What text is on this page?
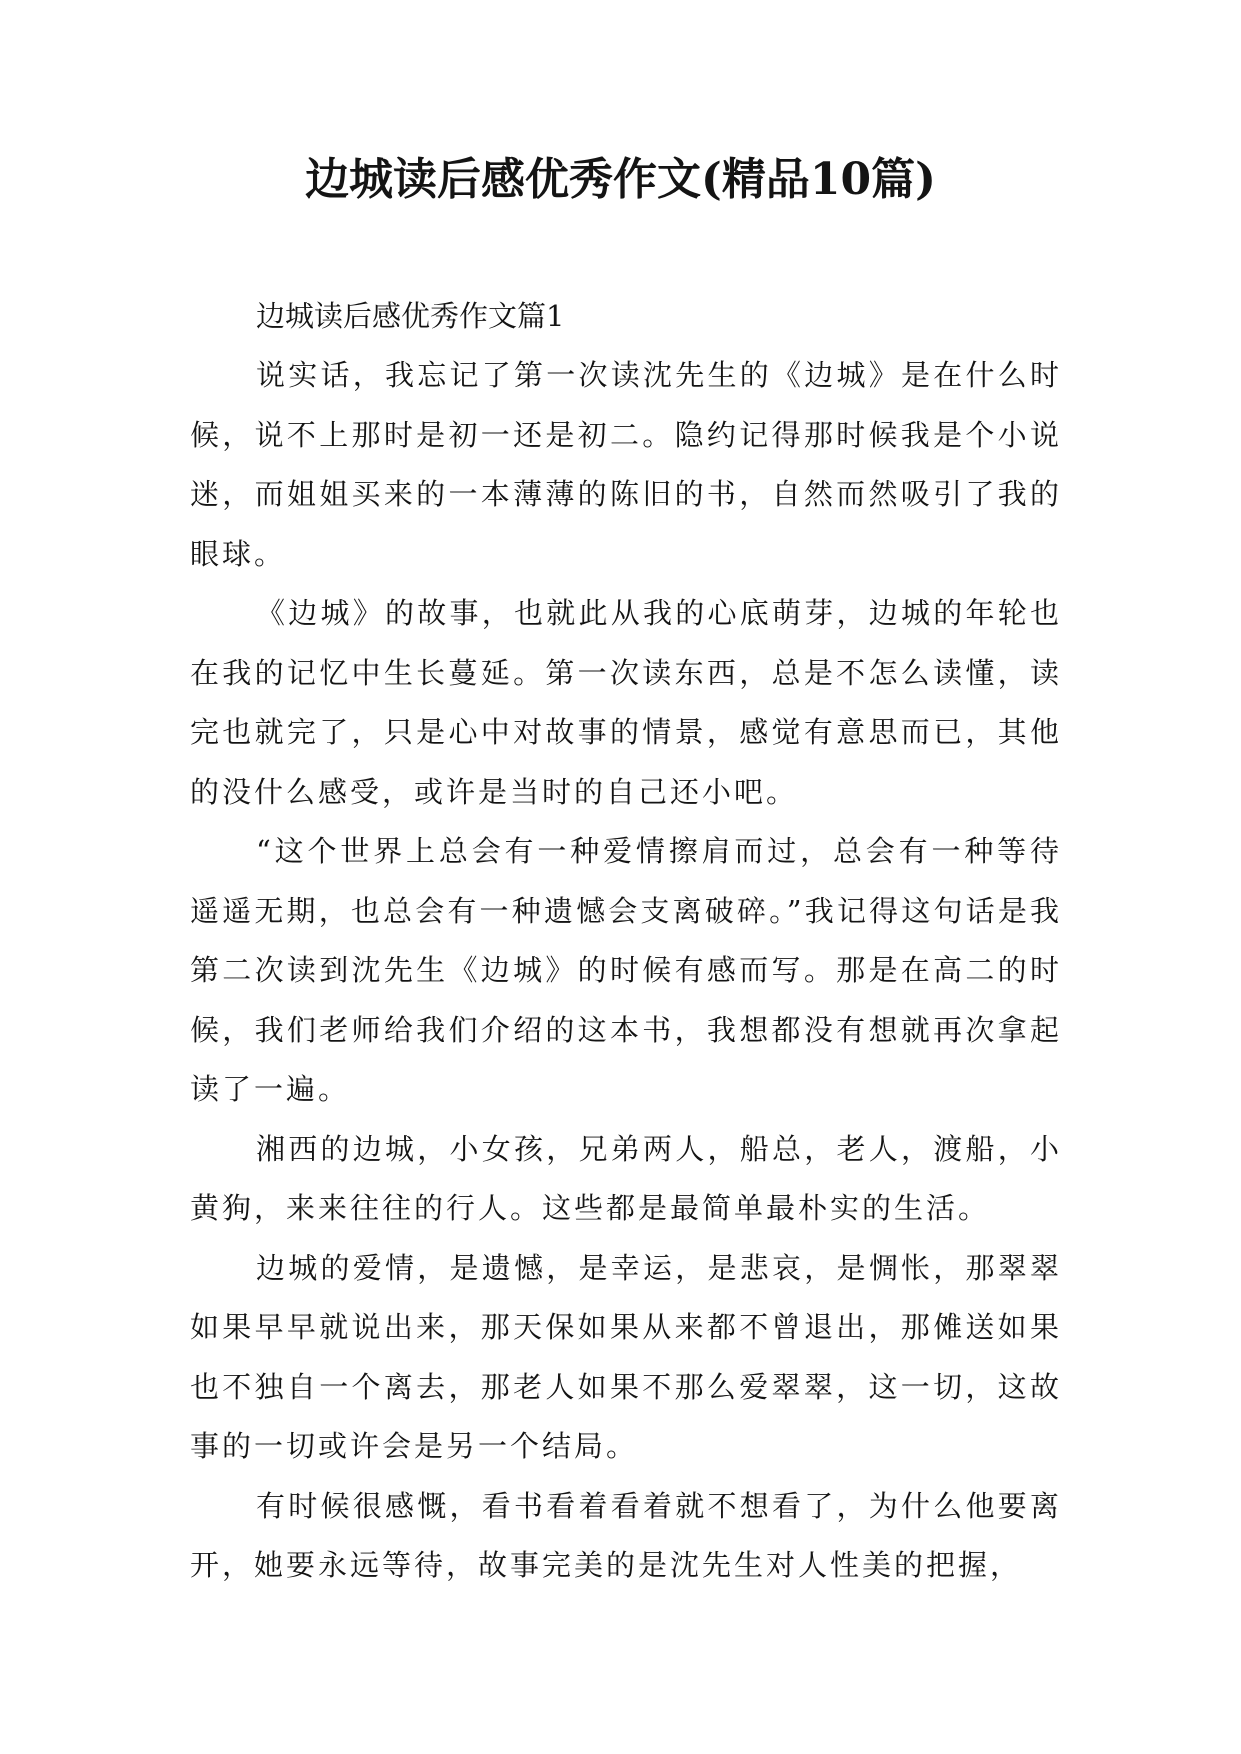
边城读后感优秀作文(精品10篇)
边城读后感优秀作文篇1

说实话，我忘记了第一次读沈先生的《边城》是在什么时候，说不上那时是初一还是初二。隐约记得那时候我是个小说迷，而姐姐买来的一本薄薄的陈旧的书，自然而然吸引了我的眼球。

《边城》的故事，也就此从我的心底萌芽，边城的年轮也在我的记忆中生长蔓延。第一次读东西，总是不怎么读懂，读完也就完了，只是心中对故事的情景，感觉有意思而已，其他的没什么感受，或许是当时的自己还小吧。

“这个世界上总会有一种爱情擦肩而过，总会有一种等待遥遥无期，也总会有一种遗憾会支离破碎。”我记得这句话是我第二次读到沈先生《边城》的时候有感而写。那是在高二的时候，我们老师给我们介绍的这本书，我想都没有想就再次拿起读了一遍。

湘西的边城，小女孩，兄弟两人，船总，老人，渡船，小黄狗，来来往往的行人。这些都是最简单最朴实的生活。

边城的爱情，是遗憾，是幸运，是悲哀，是惆怅，那翠翠如果早早就说出来，那天保如果从来都不曾退出，那傩送如果也不独自一个离去，那老人如果不那么爱翠翠，这一切，这故事的一切或许会是另一个结局。

有时候很感慨，看书看着看着就不想看了，为什么他要离开，她要永远等待，故事完美的是沈先生对人性美的把握，
